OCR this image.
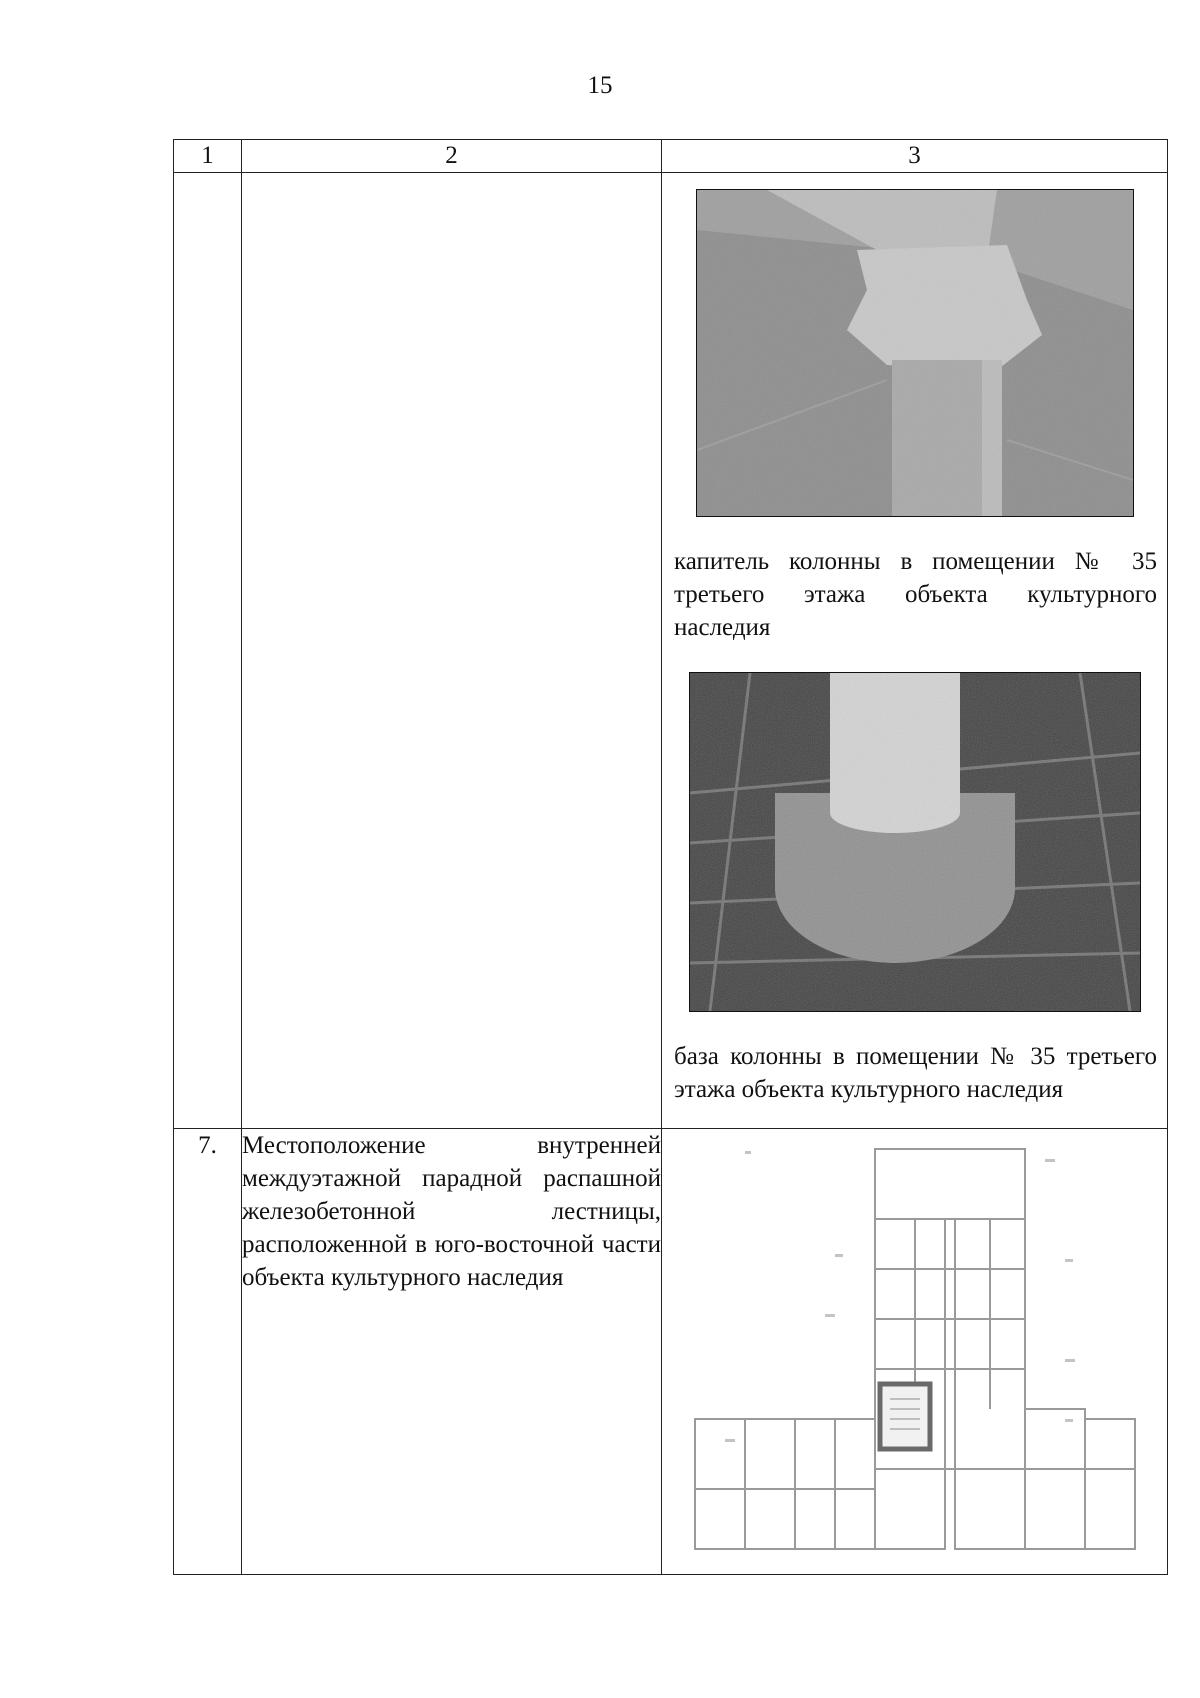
15
1	2	3

		капитель колонны в помещении № 35 третьего этажа объекта культурного наследия
база колонны в помещении № 35 третьего этажа объекта культурного наследия

7.	Местоположение внутренней междуэтажной парадной распашной железобетонной лестницы, расположенной в юго-восточной части объекта культурного наследия	
